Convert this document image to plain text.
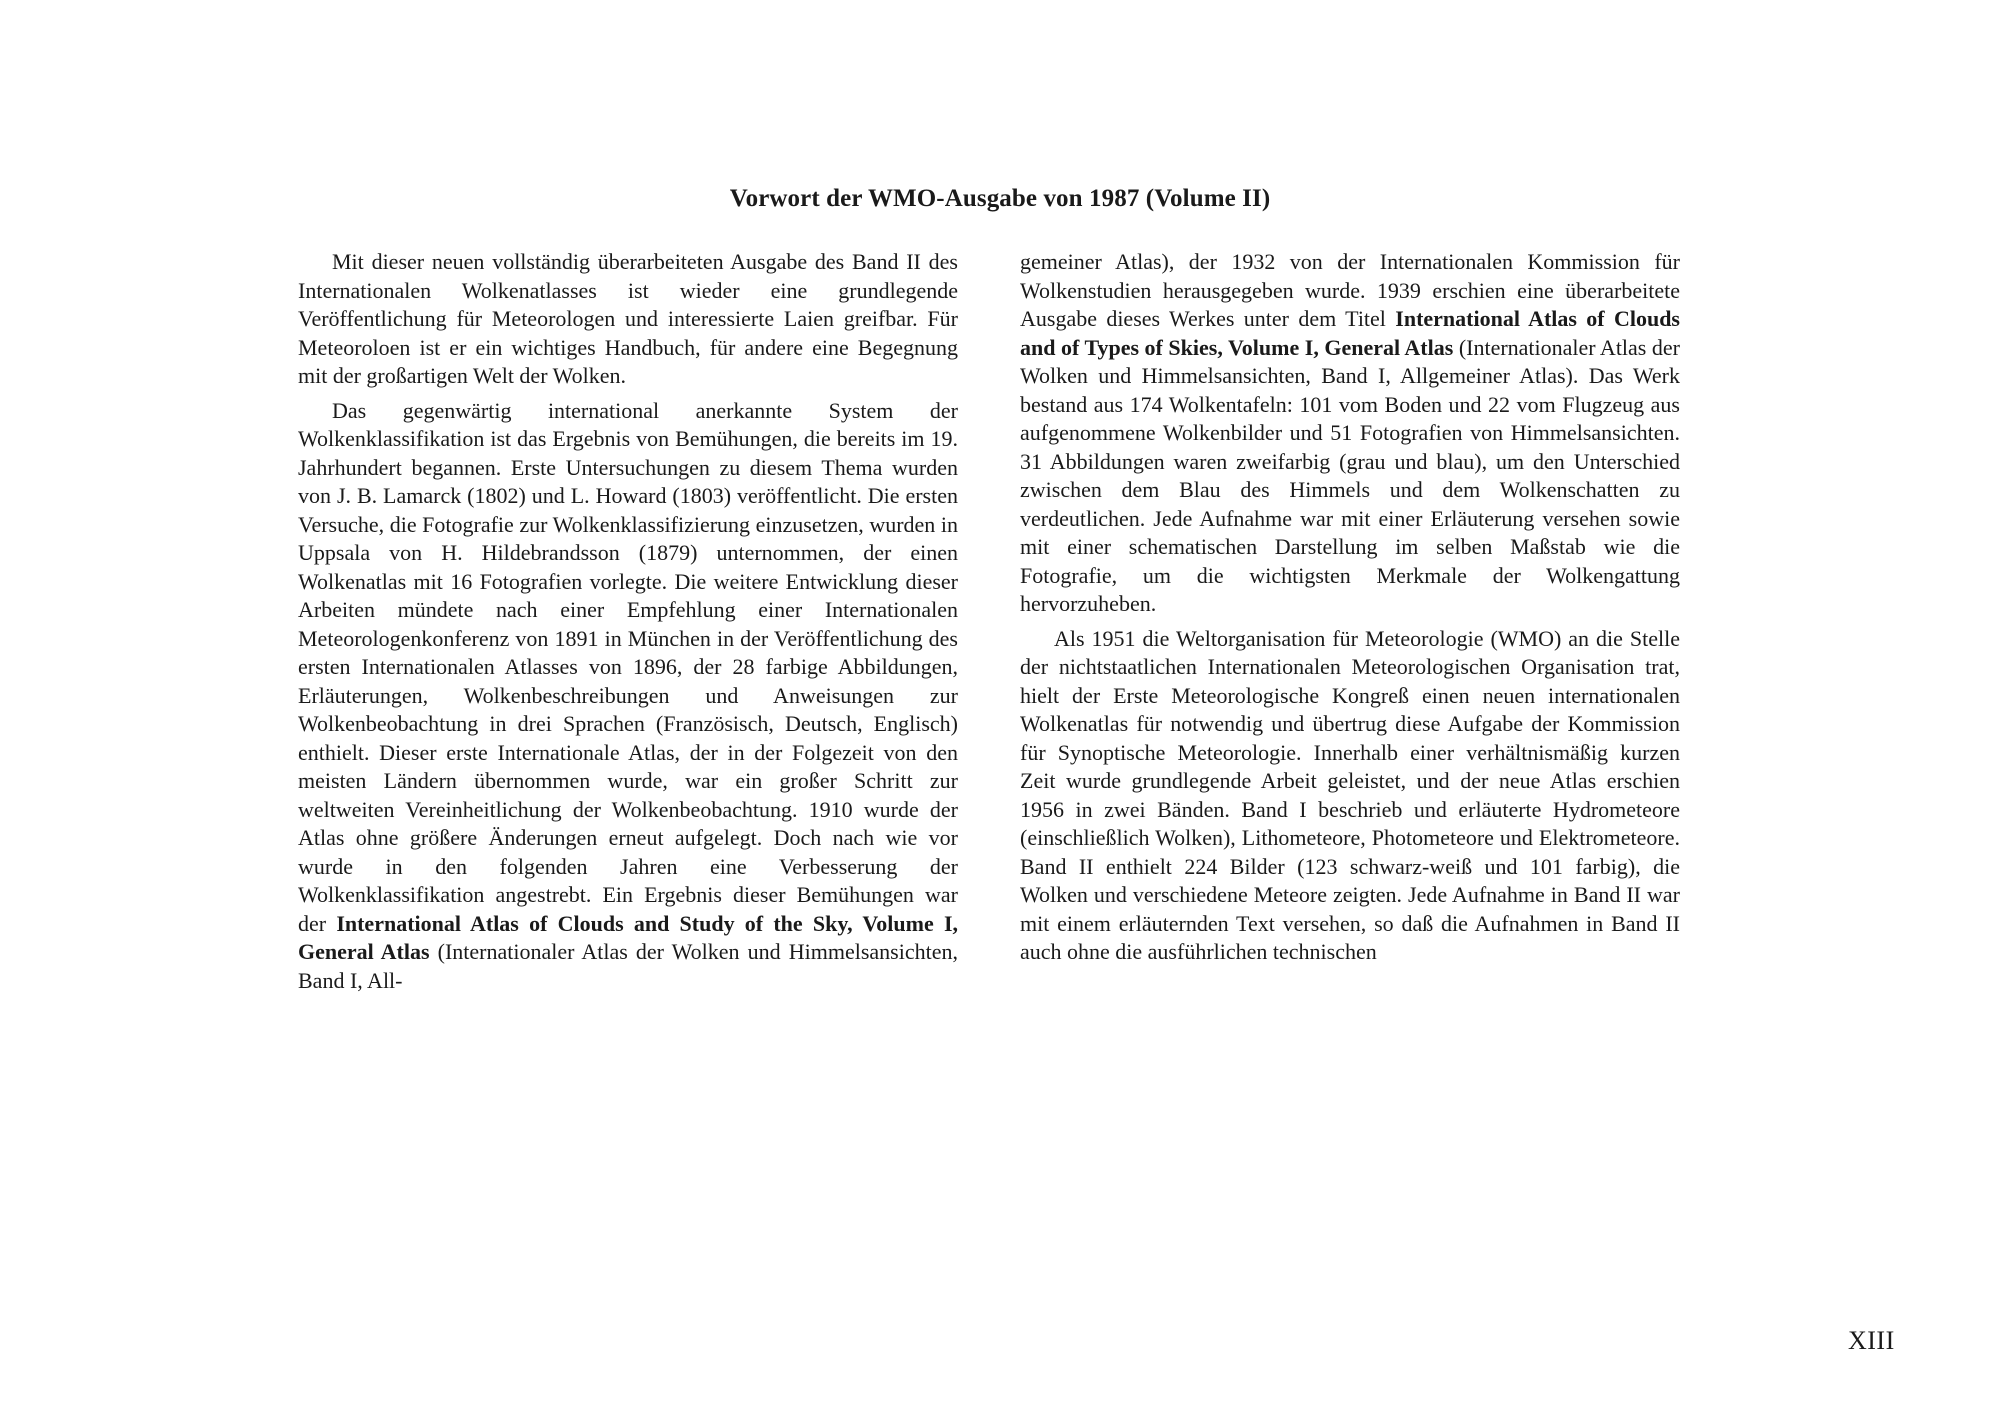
Vorwort der WMO-Ausgabe von 1987 (Volume II)

Mit dieser neuen vollständig überarbeiteten Ausgabe des Band II des Internationalen Wolkenatlasses ist wieder eine grundlegende Veröffentlichung für Meteorologen und interessierte Laien greifbar. Für Meteoroloen ist er ein wichtiges Handbuch, für andere eine Begegnung mit der großartigen Welt der Wolken.

Das gegenwärtig international anerkannte System der Wolkenklassifikation ist das Ergebnis von Bemühungen, die bereits im 19. Jahrhundert begannen. Erste Untersuchungen zu diesem Thema wurden von J. B. Lamarck (1802) und L. Howard (1803) veröffentlicht. Die ersten Versuche, die Fotografie zur Wolkenklassifizierung einzusetzen, wurden in Uppsala von H. Hildebrandsson (1879) unternommen, der einen Wolkenatlas mit 16 Fotografien vorlegte. Die weitere Entwicklung dieser Arbeiten mündete nach einer Empfehlung einer Internationalen Meteorologenkonferenz von 1891 in München in der Veröffentlichung des ersten Internationalen Atlasses von 1896, der 28 farbige Abbildungen, Erläuterungen, Wolkenbeschreibungen und Anweisungen zur Wolkenbeobachtung in drei Sprachen (Französisch, Deutsch, Englisch) enthielt. Dieser erste Internationale Atlas, der in der Folgezeit von den meisten Ländern übernommen wurde, war ein großer Schritt zur weltweiten Vereinheitlichung der Wolkenbeobachtung. 1910 wurde der Atlas ohne größere Änderungen erneut aufgelegt. Doch nach wie vor wurde in den folgenden Jahren eine Verbesserung der Wolkenklassifikation angestrebt. Ein Ergebnis dieser Bemühungen war der International Atlas of Clouds and Study of the Sky, Volume I, General Atlas (Internationaler Atlas der Wolken und Himmelsansichten, Band I, All-

gemeiner Atlas), der 1932 von der Internationalen Kommission für Wolkenstudien herausgegeben wurde. 1939 erschien eine überarbeitete Ausgabe dieses Werkes unter dem Titel International Atlas of Clouds and of Types of Skies, Volume I, General Atlas (Internationaler Atlas der Wolken und Himmelsansichten, Band I, Allgemeiner Atlas). Das Werk bestand aus 174 Wolkentafeln: 101 vom Boden und 22 vom Flugzeug aus aufgenommene Wolkenbilder und 51 Fotografien von Himmelsansichten. 31 Abbildungen waren zweifarbig (grau und blau), um den Unterschied zwischen dem Blau des Himmels und dem Wolkenschatten zu verdeutlichen. Jede Aufnahme war mit einer Erläuterung versehen sowie mit einer schematischen Darstellung im selben Maßstab wie die Fotografie, um die wichtigsten Merkmale der Wolkengattung hervorzuheben.

Als 1951 die Weltorganisation für Meteorologie (WMO) an die Stelle der nichtstaatlichen Internationalen Meteorologischen Organisation trat, hielt der Erste Meteorologische Kongreß einen neuen internationalen Wolkenatlas für notwendig und übertrug diese Aufgabe der Kommission für Synoptische Meteorologie. Innerhalb einer verhältnismäßig kurzen Zeit wurde grundlegende Arbeit geleistet, und der neue Atlas erschien 1956 in zwei Bänden. Band I beschrieb und erläuterte Hydrometeore (einschließlich Wolken), Lithometeore, Photometeore und Elektrometeore. Band II enthielt 224 Bilder (123 schwarz-weiß und 101 farbig), die Wolken und verschiedene Meteore zeigten. Jede Aufnahme in Band II war mit einem erläuternden Text versehen, so daß die Aufnahmen in Band II auch ohne die ausführlichen technischen

XIII
